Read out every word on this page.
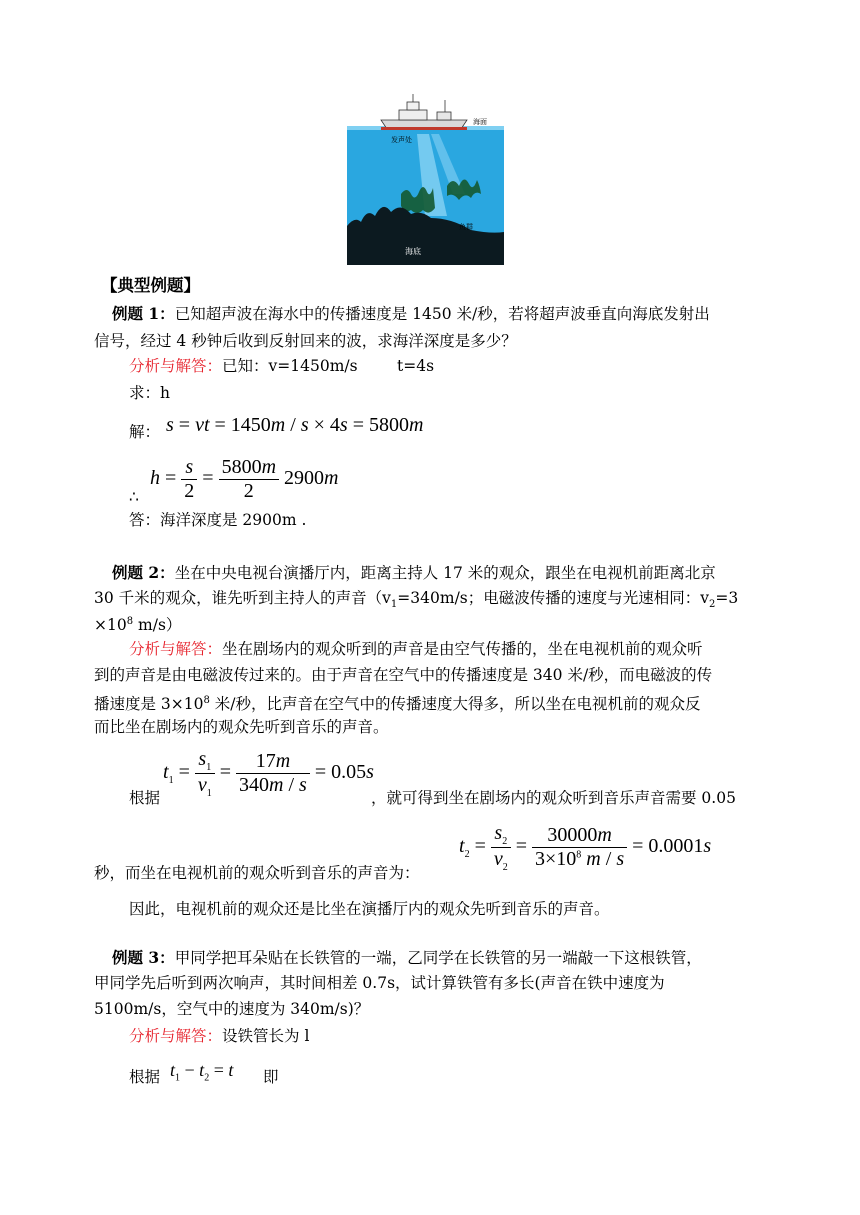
海面
发声处
鱼群
海底
【典型例题】
例题 1：已知超声波在海水中的传播速度是 1450 米/秒，若将超声波垂直向海底发射出
信号，经过 4 秒钟后收到反射回来的波，求海洋深度是多少？
分析与解答：已知：v=1450m/s        t=4s
求：h
解： s = vt = 1450m / s × 4s = 5800m
∴
$h = \frac{s}{2} = \frac{5800m}{2} 2900m$
答：海洋深度是 2900m .
例题 2：坐在中央电视台演播厅内，距离主持人 17 米的观众，跟坐在电视机前距离北京
30 千米的观众，谁先听到主持人的声音（$v_1=340m/s$；电磁波传播的速度与光速相同：$v_2=3$
$\times 10^8$ m/s）
分析与解答：坐在剧场内的观众听到的声音是由空气传播的，坐在电视机前的观众听
到的声音是由电磁波传过来的。由于声音在空气中的传播速度是 340 米/秒，而电磁波的传
播速度是 $3\times 10^8$ 米/秒，比声音在空气中的传播速度大得多，所以坐在电视机前的观众反
而比坐在剧场内的观众先听到音乐的声音。
根据
$t_1 = \frac{s_1}{v_1} = \frac{17m}{340m / s} = 0.05s$
，就可得到坐在剧场内的观众听到音乐声音需要 0.05
$t_2 = \frac{s_2}{v_2} = \frac{30000m}{3\times 10^8 m / s} = 0.0001s$
秒，而坐在电视机前的观众听到音乐的声音为：
因此，电视机前的观众还是比坐在演播厅内的观众先听到音乐的声音。
例题 3：甲同学把耳朵贴在长铁管的一端，乙同学在长铁管的另一端敲一下这根铁管，
甲同学先后听到两次响声，其时间相差 0.7s，试计算铁管有多长(声音在铁中速度为
5100m/s，空气中的速度为 340m/s)？
分析与解答：设铁管长为 l
根据 $t_1 - t_2 = t$ 即
